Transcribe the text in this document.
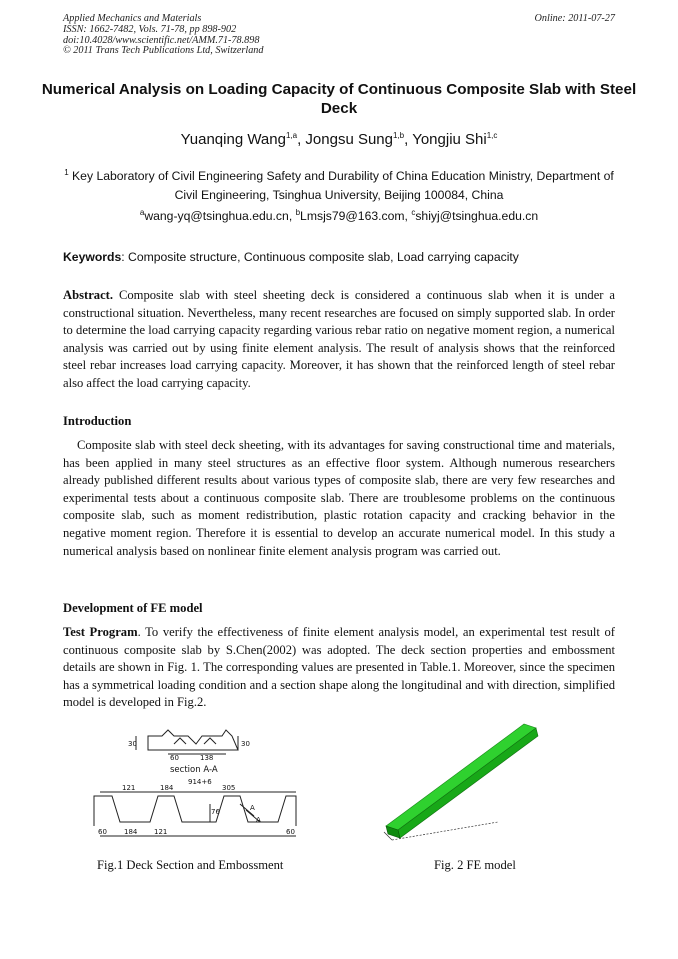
Applied Mechanics and Materials
ISSN: 1662-7482, Vols. 71-78, pp 898-902
doi:10.4028/www.scientific.net/AMM.71-78.898
© 2011 Trans Tech Publications Ltd, Switzerland
Online: 2011-07-27
Numerical Analysis on Loading Capacity of Continuous Composite Slab with Steel Deck
Yuanqing Wang$^{1,a}$, Jongsu Sung$^{1,b}$, Yongjiu Shi$^{1,c}$
$^1$ Key Laboratory of Civil Engineering Safety and Durability of China Education Ministry, Department of Civil Engineering, Tsinghua University, Beijing 100084, China
$^a$wang-yq@tsinghua.edu.cn, $^b$Lmsjs79@163.com, $^c$shiyj@tsinghua.edu.cn
Keywords: Composite structure, Continuous composite slab, Load carrying capacity
Abstract. Composite slab with steel sheeting deck is considered a continuous slab when it is under a constructional situation. Nevertheless, many recent researches are focused on simply supported slab. In order to determine the load carrying capacity regarding various rebar ratio on negative moment region, a numerical analysis was carried out by using finite element analysis. The result of analysis shows that the reinforced steel rebar increases load carrying capacity. Moreover, it has shown that the reinforced length of steel rebar also affect the load carrying capacity.
Introduction
Composite slab with steel deck sheeting, with its advantages for saving constructional time and materials, has been applied in many steel structures as an effective floor system. Although numerous researchers already published different results about various types of composite slab, there are very few researches and experimental tests about a continuous composite slab. There are troublesome problems on the continuous composite slab, such as moment redistribution, plastic rotation capacity and cracking behavior in the negative moment region. Therefore it is essential to develop an accurate numerical model. In this study a numerical analysis based on nonlinear finite element analysis program was carried out.
Development of FE model
Test Program. To verify the effectiveness of finite element analysis model, an experimental test result of continuous composite slab by S.Chen(2002) was adopted. The deck section properties and embossment details are shown in Fig. 1. The corresponding values are presented in Table.1. Moreover, since the specimen has a symmetrical loading condition and a section shape along the longitudinal and with direction, simplified model is developed in Fig.2.
30
60	138
30
section A-A
914+6
121	184	305
60 184 121	60
76	A
A
Fig.1 Deck Section and Embossment	Fig. 2 FE model
